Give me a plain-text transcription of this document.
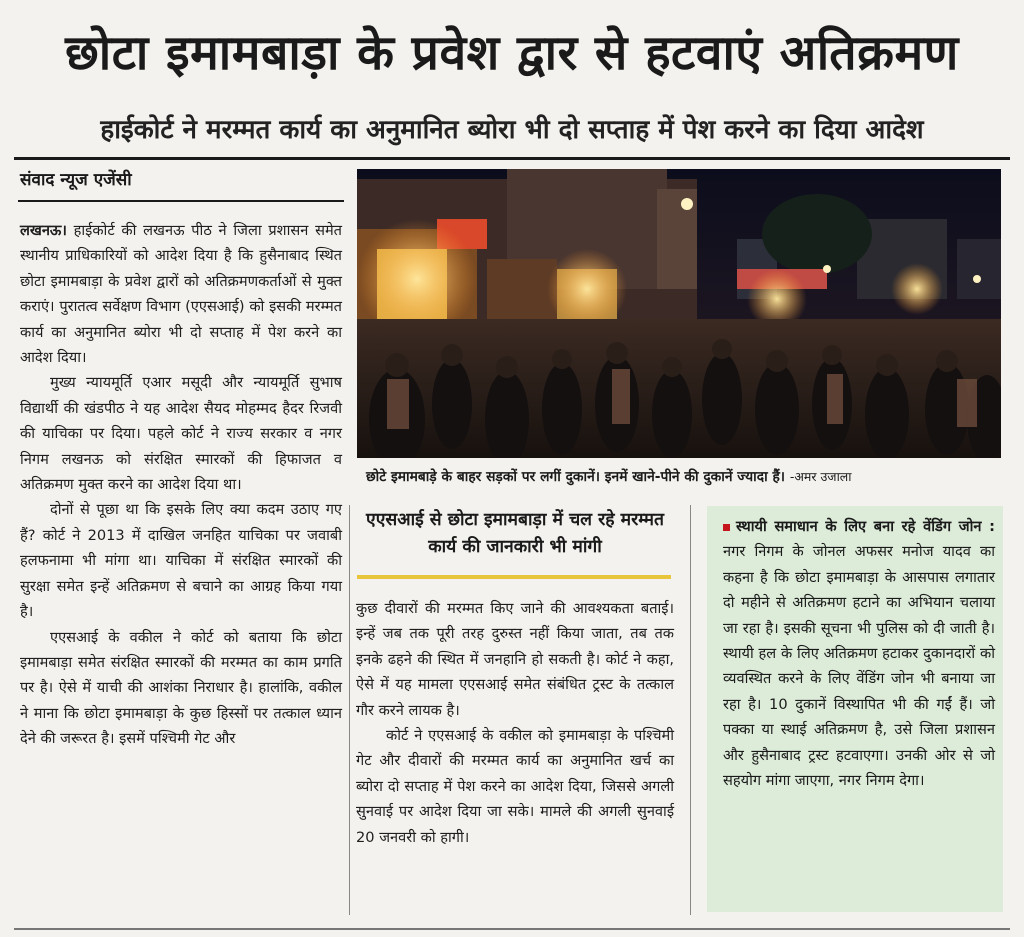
छोटा इमामबाड़ा के प्रवेश द्वार से हटवाएं अतिक्रमण
हाईकोर्ट ने मरम्मत कार्य का अनुमानित ब्योरा भी दो सप्ताह में पेश करने का दिया आदेश
संवाद न्यूज एजेंसी

लखनऊ। हाईकोर्ट की लखनऊ पीठ ने जिला प्रशासन समेत स्थानीय प्राधिकारियों को आदेश दिया है कि हुसैनाबाद स्थित छोटा इमामबाड़ा के प्रवेश द्वारों को अतिक्रमणकर्ताओं से मुक्त कराएं। पुरातत्व सर्वेक्षण विभाग (एएसआई) को इसकी मरम्मत कार्य का अनुमानित ब्योरा भी दो सप्ताह में पेश करने का आदेश दिया।

मुख्य न्यायमूर्ति एआर मसूदी और न्यायमूर्ति सुभाष विद्यार्थी की खंडपीठ ने यह आदेश सैयद मोहम्मद हैदर रिजवी की याचिका पर दिया। पहले कोर्ट ने राज्य सरकार व नगर निगम लखनऊ को संरक्षित स्मारकों की हिफाजत व अतिक्रमण मुक्त करने का आदेश दिया था।

दोनों से पूछा था कि इसके लिए क्या कदम उठाए गए हैं? कोर्ट ने 2013 में दाखिल जनहित याचिका पर जवाबी हलफनामा भी मांगा था। याचिका में संरक्षित स्मारकों की सुरक्षा समेत इन्हें अतिक्रमण से बचाने का आग्रह किया गया है।

एएसआई के वकील ने कोर्ट को बताया कि छोटा इमामबाड़ा समेत संरक्षित स्मारकों की मरम्मत का काम प्रगति पर है। ऐसे में याची की आशंका निराधार है। हालांकि, वकील ने माना कि छोटा इमामबाड़ा के कुछ हिस्सों पर तत्काल ध्यान देने की जरूरत है। इसमें पश्चिमी गेट और

छोटे इमामबाड़े के बाहर सड़कों पर लगीं दुकानें। इनमें खाने-पीने की दुकानें ज्यादा हैं। -अमर उजाला
एएसआई से छोटा इमामबाड़ा में चल रहे मरम्मत कार्य की जानकारी भी मांगी

कुछ दीवारों की मरम्मत किए जाने की आवश्यकता बताई। इन्हें जब तक पूरी तरह दुरुस्त नहीं किया जाता, तब तक इनके ढहने की स्थित में जनहानि हो सकती है। कोर्ट ने कहा, ऐसे में यह मामला एएसआई समेत संबंधित ट्रस्ट के तत्काल गौर करने लायक है।

कोर्ट ने एएसआई के वकील को इमामबाड़ा के पश्चिमी गेट और दीवारों की मरम्मत कार्य का अनुमानित खर्च का ब्योरा दो सप्ताह में पेश करने का आदेश दिया, जिससे अगली सुनवाई पर आदेश दिया जा सके। मामले की अगली सुनवाई 20 जनवरी को हागी।

स्थायी समाधान के लिए बना रहे वेंडिंग जोन : नगर निगम के जोनल अफसर मनोज यादव का कहना है कि छोटा इमामबाड़ा के आसपास लगातार दो महीने से अतिक्रमण हटाने का अभियान चलाया जा रहा है। इसकी सूचना भी पुलिस को दी जाती है। स्थायी हल के लिए अतिक्रमण हटाकर दुकानदारों को व्यवस्थित करने के लिए वेंडिंग जोन भी बनाया जा रहा है। 10 दुकानें विस्थापित भी की गईं हैं। जो पक्का या स्थाई अतिक्रमण है, उसे जिला प्रशासन और हुसैनाबाद ट्रस्ट हटवाएगा। उनकी ओर से जो सहयोग मांगा जाएगा, नगर निगम देगा।
